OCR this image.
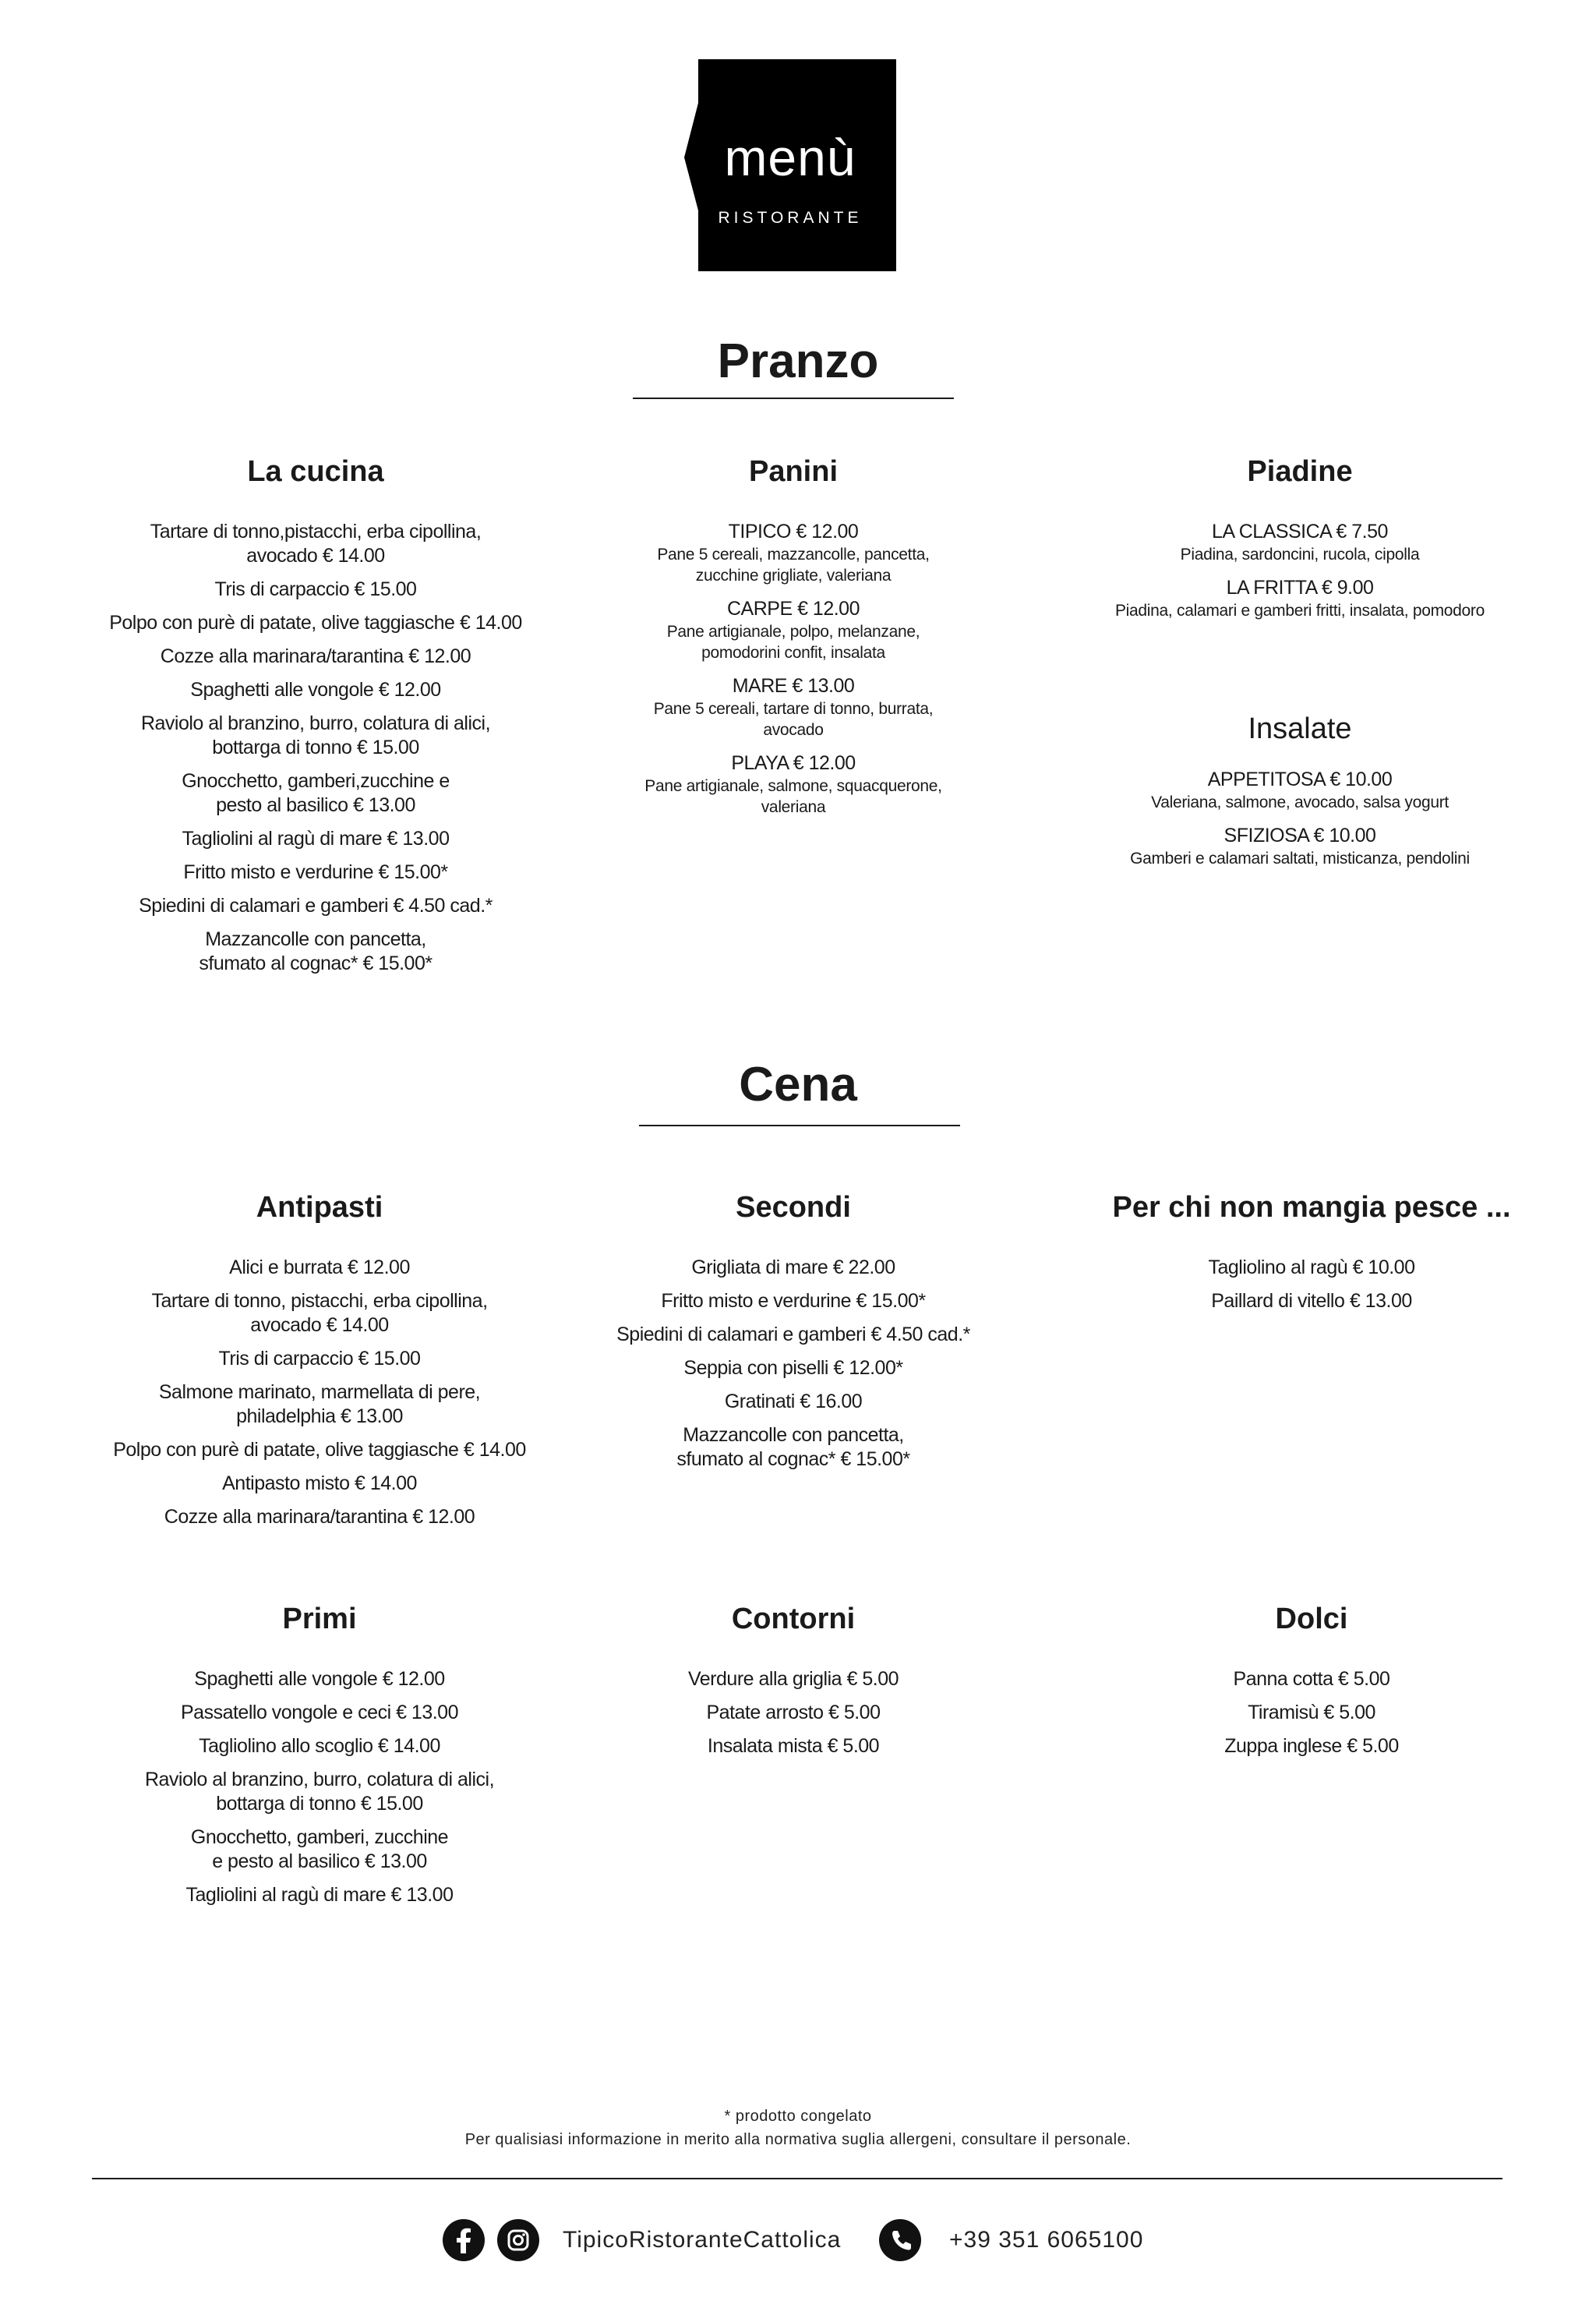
menù
RISTORANTE
Pranzo
La cucina
Tartare di tonno,pistacchi, erba cipollina,
avocado € 14.00
Tris di carpaccio € 15.00
Polpo con purè di patate, olive taggiasche € 14.00
Cozze alla marinara/tarantina € 12.00
Spaghetti alle vongole € 12.00
Raviolo al branzino, burro, colatura di alici,
bottarga di tonno € 15.00
Gnocchetto, gamberi,zucchine e
pesto al basilico € 13.00
Tagliolini al ragù di mare € 13.00
Fritto misto e verdurine € 15.00*
Spiedini di calamari e gamberi € 4.50 cad.*
Mazzancolle con pancetta,
sfumato al cognac* € 15.00*
Panini
TIPICO € 12.00
Pane 5 cereali, mazzancolle, pancetta,
zucchine grigliate, valeriana
CARPE € 12.00
Pane artigianale, polpo, melanzane,
pomodorini confit, insalata
MARE € 13.00
Pane 5 cereali, tartare di tonno, burrata,
avocado
PLAYA € 12.00
Pane artigianale, salmone, squacquerone,
valeriana
Piadine
LA CLASSICA € 7.50
Piadina, sardoncini, rucola, cipolla
LA FRITTA € 9.00
Piadina, calamari e gamberi fritti, insalata, pomodoro
Insalate
APPETITOSA € 10.00
Valeriana, salmone, avocado, salsa yogurt
SFIZIOSA € 10.00
Gamberi e calamari saltati, misticanza, pendolini
Cena
Antipasti
Alici e burrata € 12.00
Tartare di tonno, pistacchi, erba cipollina,
avocado € 14.00
Tris di carpaccio € 15.00
Salmone marinato, marmellata di pere,
philadelphia € 13.00
Polpo con purè di patate, olive taggiasche € 14.00
Antipasto misto € 14.00
Cozze alla marinara/tarantina € 12.00
Secondi
Grigliata di mare € 22.00
Fritto misto e verdurine € 15.00*
Spiedini di calamari e gamberi € 4.50 cad.*
Seppia con piselli € 12.00*
Gratinati € 16.00
Mazzancolle con pancetta,
sfumato al cognac* € 15.00*
Per chi non mangia pesce ...
Tagliolino al ragù € 10.00
Paillard di vitello € 13.00
Primi
Spaghetti alle vongole € 12.00
Passatello vongole e ceci € 13.00
Tagliolino allo scoglio € 14.00
Raviolo al branzino, burro, colatura di alici,
bottarga di tonno € 15.00
Gnocchetto, gamberi, zucchine
e pesto al basilico € 13.00
Tagliolini al ragù di mare € 13.00
Contorni
Verdure alla griglia € 5.00
Patate arrosto € 5.00
Insalata mista € 5.00
Dolci
Panna cotta € 5.00
Tiramisù € 5.00
Zuppa inglese € 5.00
* prodotto congelato
Per qualisiasi informazione in merito alla normativa suglia allergeni, consultare il personale.
TipicoRistoranteCattolica	+39 351 6065100
